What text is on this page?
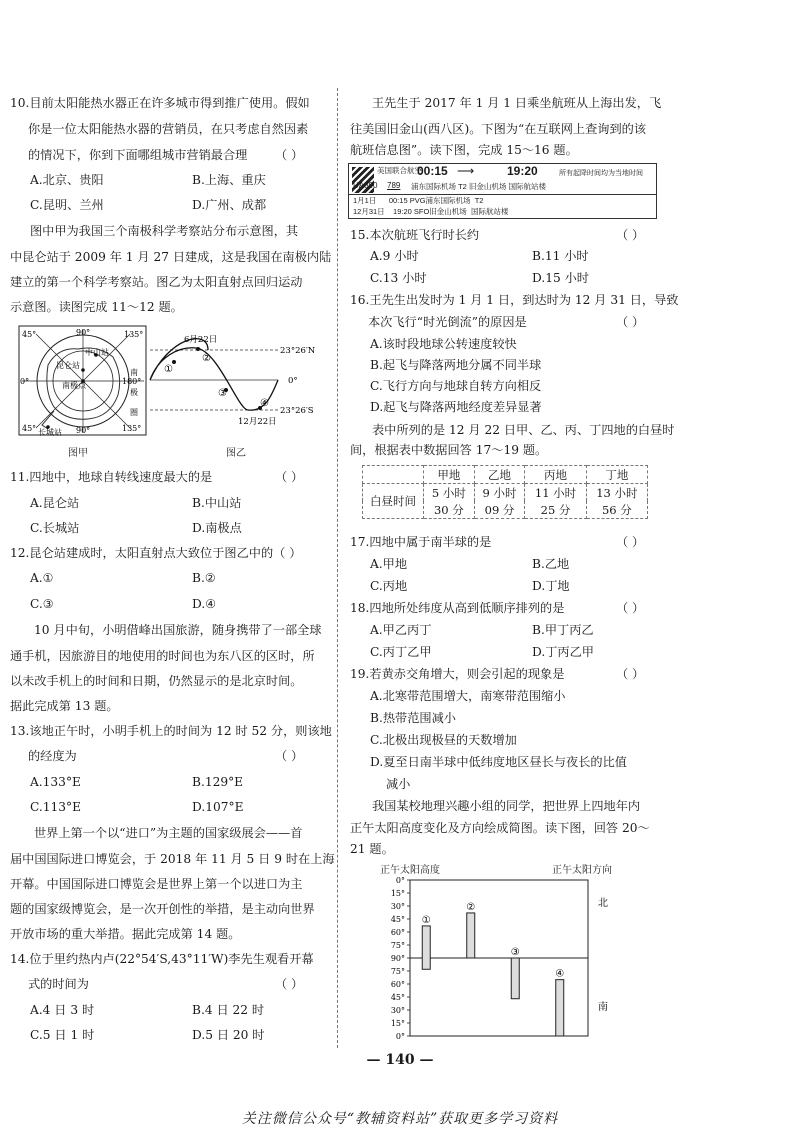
10.目前太阳能热水器正在许多城市得到推广使用。假如
你是一位太阳能热水器的营销员，在只考虑自然因素
的情况下，你到下面哪组城市营销最合理 （ ）
A.北京、贵阳	B.上海、重庆
C.昆明、兰州	D.广州、成都
图中甲为我国三个南极科学考察站分布示意图，其
中昆仑站于 2009 年 1 月 27 日建成，这是我国在南极内陆
建立的第一个科学考察站。图乙为太阳直射点回归运动
示意图。读图完成 11～12 题。
45°	90°	135°
0°	180°
45°	90°	135°
中山站
昆仑站
南极点
长城站
南
极
圈
图甲
①
②
③
④
6月22日
12月22日
23°26′N
0°
23°26′S
图乙
11.四地中，地球自转线速度最大的是	（ ）
A.昆仑站	B.中山站
C.长城站	D.南极点
12.昆仑站建成时，太阳直射点大致位于图乙中的（ ）
A.①	B.②
C.③	D.④
10 月中旬，小明借峰出国旅游，随身携带了一部全球
通手机，因旅游目的地使用的时间也为东八区的区时，所
以未改手机上的时间和日期，仍然显示的是北京时间。
据此完成第 13 题。
13.该地正午时，小明手机上的时间为 12 时 52 分，则该地
的经度为	（ ）
A.133°E	B.129°E
C.113°E	D.107°E
世界上第一个以“进口”为主题的国家级展会——首
届中国国际进口博览会，于 2018 年 11 月 5 日 9 时在上海
开幕。中国国际进口博览会是世界上第一个以进口为主
题的国家级博览会，是一次开创性的举措，是主动向世界
开放市场的重大举措。据此完成第 14 题。
14.位于里约热内卢(22°54′S,43°11′W)李先生观看开幕
式的时间为	（ ）
A.4 日 3 时	B.4 日 22 时
C.5 日 1 时	D.5 日 20 时
王先生于 2017 年 1 月 1 日乘坐航班从上海出发，飞
往美国旧金山(西八区)。下图为“在互联网上查询到的该
航班信息图”。读下图，完成 15～16 题。
美国联合航空
00:15 ⟶	19:20	所有起降时间均为当地时间
UA890 789 浦东国际机场 T2 旧金山机场 国际航站楼
1月1日      00:15 PVG浦东国际机场  T2
12月31日    19:20 SFO旧金山机场  国际航站楼
15.本次航班飞行时长约	（ ）
A.9 小时	B.11 小时
C.13 小时	D.15 小时
16.王先生出发时为 1 月 1 日，到达时为 12 月 31 日，导致
本次飞行“时光倒流”的原因是	（ ）
A.该时段地球公转速度较快
B.起飞与降落两地分属不同半球
C.飞行方向与地球自转方向相反
D.起飞与降落两地经度差异显著
表中所列的是 12 月 22 日甲、乙、丙、丁四地的白昼时
间，根据表中数据回答 17～19 题。
	甲地	乙地	丙地	丁地
白昼时间	5 小时	9 小时	11 小时	13 小时
	30 分	09 分	25 分	56 分
17.四地中属于南半球的是	（ ）
A.甲地	B.乙地
C.丙地	D.丁地
18.四地所处纬度从高到低顺序排列的是	（ ）
A.甲乙丙丁	B.甲丁丙乙
C.丙丁乙甲	D.丁丙乙甲
19.若黄赤交角增大，则会引起的现象是	（ ）
A.北寒带范围增大，南寒带范围缩小
B.热带范围减小
C.北极出现极昼的天数增加
D.夏至日南半球中低纬度地区昼长与夜长的比值
减小
我国某校地理兴趣小组的同学，把世界上四地年内
正午太阳高度变化及方向绘成简图。读下图，回答 20～
21 题。
正午太阳高度	正午太阳方向
0°
15°
30°
45°
60°
75°
90°
75°
60°
45°
30°
15°
0°
①
②
③
④
北
南
— 140 —
关注微信公众号“教辅资料站”获取更多学习资料
